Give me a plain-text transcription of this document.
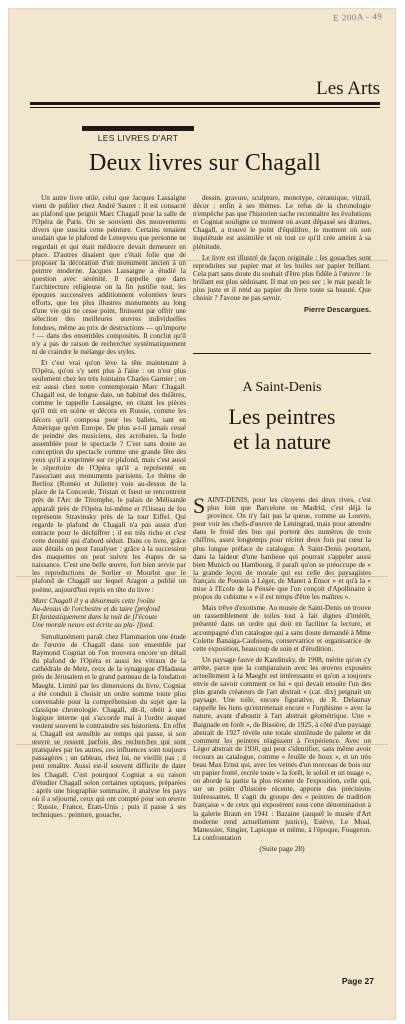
E 200A - 49
Les Arts
LES LIVRES D'ART
Deux livres sur Chagall

Un autre livre utile, celui que Jacques Lassaigne vient de publier chez André Sauret : il est consacré au plafond que peignit Marc Chagall pour la salle de l'Opéra de Paris. On se souvient des mouvements divers que suscita cette peinture. Certains tenaient soudain que le plafond de Lenepveu que personne ne regardait et qui était médiocre devait demeurer en place. D'autres disaient que c'était folie que de proposer la décoration d'un monument ancien à un peintre moderne. Jacques Lassaigne a étudié la question avec sérénité. Il rappelle que dans l'architecture religieuse on la fin justifie tout, les époques successives additionnent volontiers leurs efforts, que les plus illustres monuments au long d'une vie qui ne cesse point, finissent par offrir une sélection des meilleures œuvres individuelles fondues, même au prix de destructions — qu'importe ! — dans des ensembles composites. Il conclut qu'il n'y a pas de raison de rechercher systématiquement ni de craindre le mélange des styles.

Et c'est vrai qu'on lève la tête maintenant à l'Opéra, qu'on s'y sent plus à l'aise : on n'est plus seulement chez les très lointains Charles Garnier ; on est aussi chez notre contemporain Marc Chagall. Chagall est, de longue date, un habitué des théâtres, comme le rappelle Lassaigne, en citant les pièces qu'il mit en scène et décora en Russie, comme les décors qu'il composa pour les ballets, tant en Amérique qu'en Europe. De plus a-t-il jamais cessé de peindre des musiciens, des acrobates, la foule assemblée pour le spectacle ? C'est sans doute au conception du spectacle comme une grande fête des yeux qu'il a exprimée sur ce plafond, mais c'est aussi le répertoire de l'Opéra qu'il a représenté en l'associant aux monuments parisiens. Le thème de Berlioz (Roméo et Juliette) voie au-dessus de la place de la Concorde, Tristan et Iseut se rencontrent près de l'Arc de Triomphe, le palais de Mélisande apparaît près de l'Opéra lui-même et l'Oiseau de feu représente Stravinsky près de la tour Eiffel. Qui regarde le plafond de Chagall n'a pas assez d'un entracte pour le déchiffrer ; il est très riche et c'est cette densité qui d'abord séduit. Dans ce livre, grâce aux détails on peut l'analyser : grâce à la succession des maquettes on peut suivre les étapes de sa naissance. C'est une belle œuvre, fort bien servie par les reproductions de Sorlier et Mourlot que le plafond de Chagall sur lequel Aragon a publié un poème, aujourd'hui repris en tête du livre :

Marc Chagall il y a désormais cette [voûte
Au-dessus de l'orchestre et du taire [profond
Et fantastiquement dans la nuit de [l'écoute
Une morale neuve est écrite au pla- [fond.

Simultanément paraît chez Flammarion une étude de l'œuvre de Chagall dans son ensemble par Raymond Cogniat où l'on trouvera encore un détail du plafond de l'Opéra et aussi les vitraux de la cathédrale de Metz, ceux de la synagogue d'Hadassa près de Jérusalem et le grand panneau de la fondation Maeght. Limité par les dimensions du livre, Cogniat a été conduit à choisir un ordre somme toute plus convenable pour la compréhension du sujet que la classique chronologie. Chagall, dit-il, obéit à une logique interne qui s'accorde mal à l'ordre auquel veulent souvent le contraindre ses historiens. En effet si Chagall est sensible au temps qui passe, si son œuvre se ressent parfois des recherches qui sont pratiquées par les autres, ces influences sont toujours passagères ; un tableau, chez lui, ne vieillit pas ; il peut renaître. Aussi est-il souvent difficile de dater les Chagall. C'est pourquoi Cogniat a eu raison d'étudier Chagall selon certaines optiques, préparées : après une biographie sommaire, il analyse les pays où il a séjourné, ceux qui ont compté pour son œuvre : Russie, France, États-Unis ; puis il passe à ses techniques : peinture, gouache,

dessin, gravure, sculpture, monotype, céramique, vitrail, décor ; enfin à ses thèmes. Le refus de la chronologie n'empêche pas que l'historien sache reconnaître les évolutions et Cogniat souligne ce moment où avant dépassé ses drames, Chagall, a trouvé le point d'équilibre, le moment où son inquiétude est assimilée et où tout ce qu'il crée atteint à sa plénitude.

Le livre est illustré de façon originale : les gouaches sont reproduites sur papier mat et les huiles sur papier brillant. Cela part sans doute du souhait d'être plus fidèle à l'œuvre : le brillant est plus séduisant. Il mat un peu sec ; le mat paraît le plus juste et il rend au papier du livre toute sa beauté. Que choisir ? J'avoue ne pas savoir.

Pierre Descargues.
A Saint-Denis
Les peintres
et la nature

SAINT-DENIS, pour les citoyens des deux rives, c'est plus loin que Barcelone ou Madrid, c'est déjà la province. On n'y fait pas la queue, comme au Louvre, pour voir les chefs-d'œuvre de Leningrad, mais pour attendre dans le froid des bus qui portent des numéros de trois chiffres, assez longtemps pour réciter deux fois par cœur la plus longue préface de catalogue. À Saint-Denis pourtant, dans la laideur d'une banlieue qui pourrait s'appeler aussi bien Munich ou Hambourg, il paraît qu'on se préoccupe de « la grande leçon de morale qui est celle des paysagistes français de Poussin à Léger, de Manet à Ensor » et qu'à la « mise à l'Ecole de la Pensée que l'on conçoit d'Apollinaire à propos du cubisme » « il est temps d'être les maîtres ».

Mais trêve d'exotisme. Au musée de Saint-Denis on trouve un rassemblement de toiles tout à fait dignes d'intérêt, présenté dans un ordre qui doit en faciliter la lecture, et accompagné d'un catalogue qui a sans doute demandé à Mme Colette Banaiga-Caubisens, conservatrice et organisatrice de cette exposition, beaucoup de soin et d'érudition.

Un paysage fauve de Kandinsky, de 1908, mérite qu'on s'y arrête, parce que la comparaison avec les œuvres exposées actuellement à la Maeght est intéressante et qu'on a toujours envie de savoir comment ce lui « qui devait ensuite l'un des plus grands créateurs de l'art abstrait » (cat. dix) peignait un paysage. Une toile, encore figurative, de R. Delaunay rappelle les liens qu'entretenait encore « l'orphisme » avec la nature, avant d'aboutir à l'art abstrait géométrique. Une « Baignade en forêt », de Bissière, de 1925, à côté d'un paysage abstrait de 1927 révèle une totale similitude de palette et dit comment les peintres réagissent à l'expérience. Avec un Léger abstrait de 1930, qui peut s'identifier, sans même avoir recours au catalogue, comme « feuille de houx », et un très beau Max Ernst qui, avec les veines d'un morceau de bois sur un papier frotté, recrée toute « la forêt, le soleil et un nuage », on aborde la partie la plus récente de l'exposition, celle qui, sur un point d'histoire récente, apporte des précisions intéressantes. Il s'agit du groupe des « peintres de tradition française » de ceux qui exposèrent sous cette dénomination à la galerie Braun en 1941 : Bazaine (auquel le musée d'Art moderne rend actuellement justice), Estève, Le Moal, Manessier, Singier, Lapicque et même, à l'époque, Fougeron. La confrontation

(Suite page 28)
Page 27
